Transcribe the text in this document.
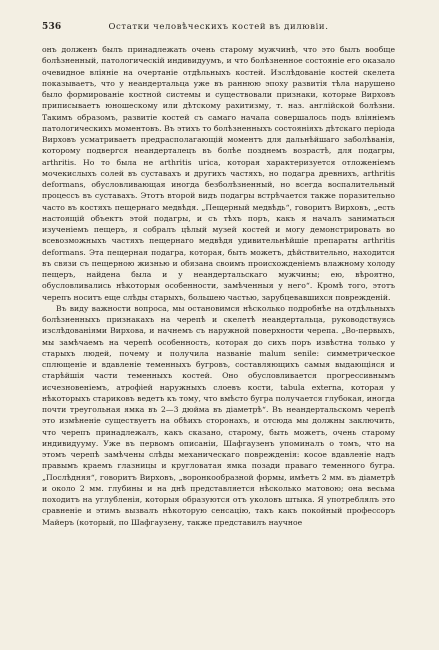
536	Остатки человѣческихъ костей въ дилювіи.

онъ долженъ былъ принадлежать очень старому мужчинѣ, что это былъ вообще болѣзненный, патологическій индивидуумъ, и что болѣзненное состояніе его оказало очевидное вліяніе на очертаніе отдѣльныхъ костей. Изслѣдованіе костей скелета показываетъ, что у неандертальца уже въ раннюю эпоху развитія тѣла нарушено было формированіе костной системы и существовали признаки, которые Вирховъ приписываетъ юношескому или дѣтскому рахитизму, т. наз. англійской болѣзни. Такимъ образомъ, развитіе костей съ самаго начала совершалось подъ вліяніемъ патологическихъ моментовъ. Въ этихъ то болѣзненныхъ состояніяхъ дѣтскаго періода Вирховъ усматриваетъ предрасполагающій моментъ для дальнѣйшаго заболѣванія, которому подвергся неандерталецъ въ болѣе позднемъ возрастѣ, для подагры, arthritis. Но то была не arthritis urica, которая характеризуется отложеніемъ мочекислыхъ солей въ суставахъ и другихъ частяхъ, но подагра древнихъ, arthritis deformans, обусловливающая иногда безболѣзненный, но всегда воспалительный процессъ въ суставахъ. Этотъ второй видъ подагры встрѣчается также поразительно часто въ костяхъ пещернаго медвѣдя. „Пещерный медвѣдь“, говоритъ Вирховъ, „есть настоящій объектъ этой подагры, и съ тѣхъ поръ, какъ я началъ заниматься изученіемъ пещеръ, я собралъ цѣлый музей костей и могу демонстрировать во всевозможныхъ частяхъ пещернаго медвѣдя удивительнѣйшіе препараты arthritis deformans. Эта пещерная подагра, которая, быть можетъ, дѣйствительно, находится въ связи съ пещерною жизнью и обязана своимъ происхожденіемъ влажному холоду пещеръ, найдена была и у неандертальскаго мужчины; ею, вѣроятно, обусловливались нѣкоторыя особенности, замѣченныя у него“. Кромѣ того, этотъ черепъ носитъ еще слѣды старыхъ, большею частью, зарубцевавшихся поврежденій.

Въ виду важности вопроса, мы остановимся нѣсколько подробнѣе на отдѣльныхъ болѣзненныхъ признакахъ на черепѣ и скелетѣ неандертальца, руководствуясь изслѣдованіями Вирхова, и начнемъ съ наружной поверхности черепа. „Во-первыхъ, мы замѣчаемъ на черепѣ особенность, которая до сихъ поръ извѣстна только у старыхъ людей, почему и получила названіе malum senile: симметрическое сплющеніе и вдавленіе теменныхъ бугровъ, составляющихъ самыя выдающіяся и старѣйшія части теменныхъ костей. Оно обусловливается прогрессивнымъ исчезновеніемъ, атрофіей наружныхъ слоевъ кости, tabula externa, которая у нѣкоторыхъ стариковъ ведетъ къ тому, что вмѣсто бугра получается глубокая, иногда почти треугольная ямка въ 2—3 дюйма въ діаметрѣ“. Въ неандертальскомъ черепѣ это измѣненіе существуетъ на обѣихъ сторонахъ, и отсюда мы должны заключить, что черепъ принадлежалъ, какъ сказано, старому, быть можетъ, очень старому индивидууму. Уже въ первомъ описаніи, Шафгаузенъ упоминалъ о томъ, что на этомъ черепѣ замѣчены слѣды механическаго поврежденія: косое вдавленіе надъ правымъ краемъ глазницы и кругловатая ямка позади праваго теменного бугра. „Послѣдняя“, говоритъ Вирховъ, „воронкообразной формы, имѣетъ 2 мм. въ діаметрѣ и около 2 мм. глубины и на днѣ представляется нѣсколько матовою; она весьма походитъ на углубленія, которыя образуются отъ уколовъ штыка. Я употреблялъ это сравненіе и этимъ вызвалъ нѣкоторую сенсацію, такъ какъ покойный профессоръ Майеръ (который, по Шафгаузену, также представилъ научное
